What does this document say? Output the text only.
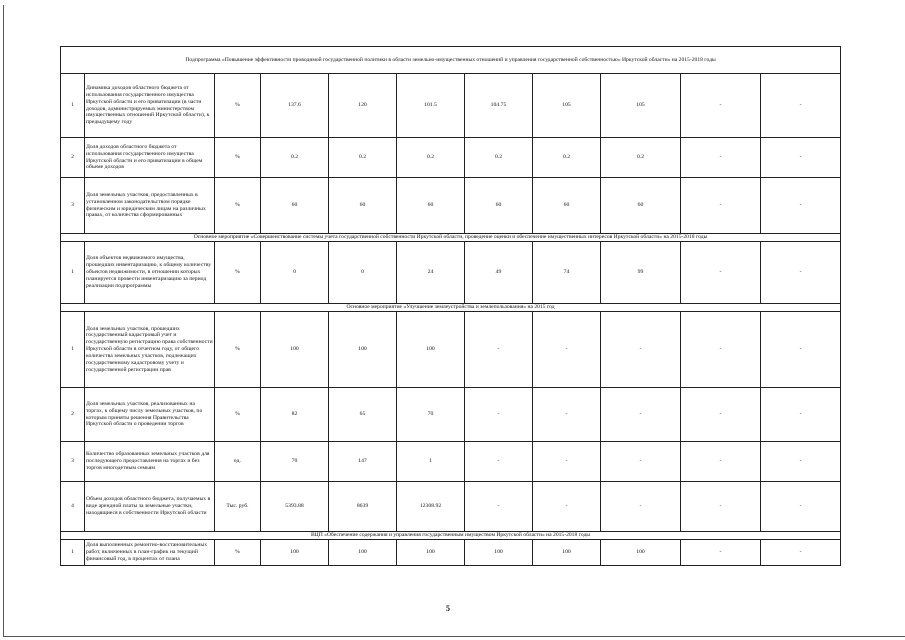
Подпрограмма «Повышение эффективности проводимой государственной политики в области земельно-имущественных отношений и управления государственной собственностью» Иркутской области» на 2015-2018 годы										
1	Динамика доходов областного бюджета от использования государственного имущества Иркутской области и его приватизации (в части доходов, администрируемых министерством имущественных отношений Иркутской области), к предыдущему году	%	137.6	120	101.5	104.75	105	105	-	-
2	Доля доходов областного бюджета от использования государственного имущества Иркутской области и его приватизации в общем объеме доходов	%	0.2	0.2	0.2	0.2	0.2	0.2	-	-
3	Доля земельных участков, предоставленных в установленном законодательством порядке физическим и юридическим лицам на различных правах, от количества сформированных	%	60	60	60	60	60	60	-	-
Основное мероприятие «Совершенствование системы учета государственной собственности Иркутской области, проведение оценки и обеспечение имущественных интересов Иркутской области» на 2015-2018 годы										
1	Доля объектов недвижимого имущества, прошедших инвентаризацию, к общему количеству объектов недвижимости, в отношении которых планируется провести инвентаризацию за период реализации подпрограммы	%	0	0	24	49	74	99	-	-
Основное мероприятие «Улучшение землеустройства и землепользования» на 2015 год										
1	Доля земельных участков, прошедших государственный кадастровый учет и государственную регистрацию права собственности Иркутской области в отчетном году, от общего количества земельных участков, подлежащих государственному кадастровому учету и государственной регистрации прав	%	100	100	100	-	-	-	-	-
2	Доля земельных участков, реализованных на торгах, к общему числу земельных участков, по которым приняты решения Правительства Иркутской области о проведении торгов	%	82	65	70	-	-	-	-	-
3	Количество образованных земельных участков для последующего предоставления на торгах и без торгов многодетным семьям	ед.	70	147	1	-	-	-	-	-
4	Объем доходов областного бюджета, получаемых в виде арендной платы за земельные участки, находящиеся в собственности Иркутской области	Тыс. руб.	5393.88	8639	12308.92	-	-	-	-	-
ВЦП «Обеспечение содержания и управления государственным имуществом Иркутской области» на 2015-2018 годы										
1	Доля выполненных ремонтно-восстановительных работ, включенных в план-график на текущий финансовый год, в процентах от плана	%	100	100	100	100	100	100	-	-
5
